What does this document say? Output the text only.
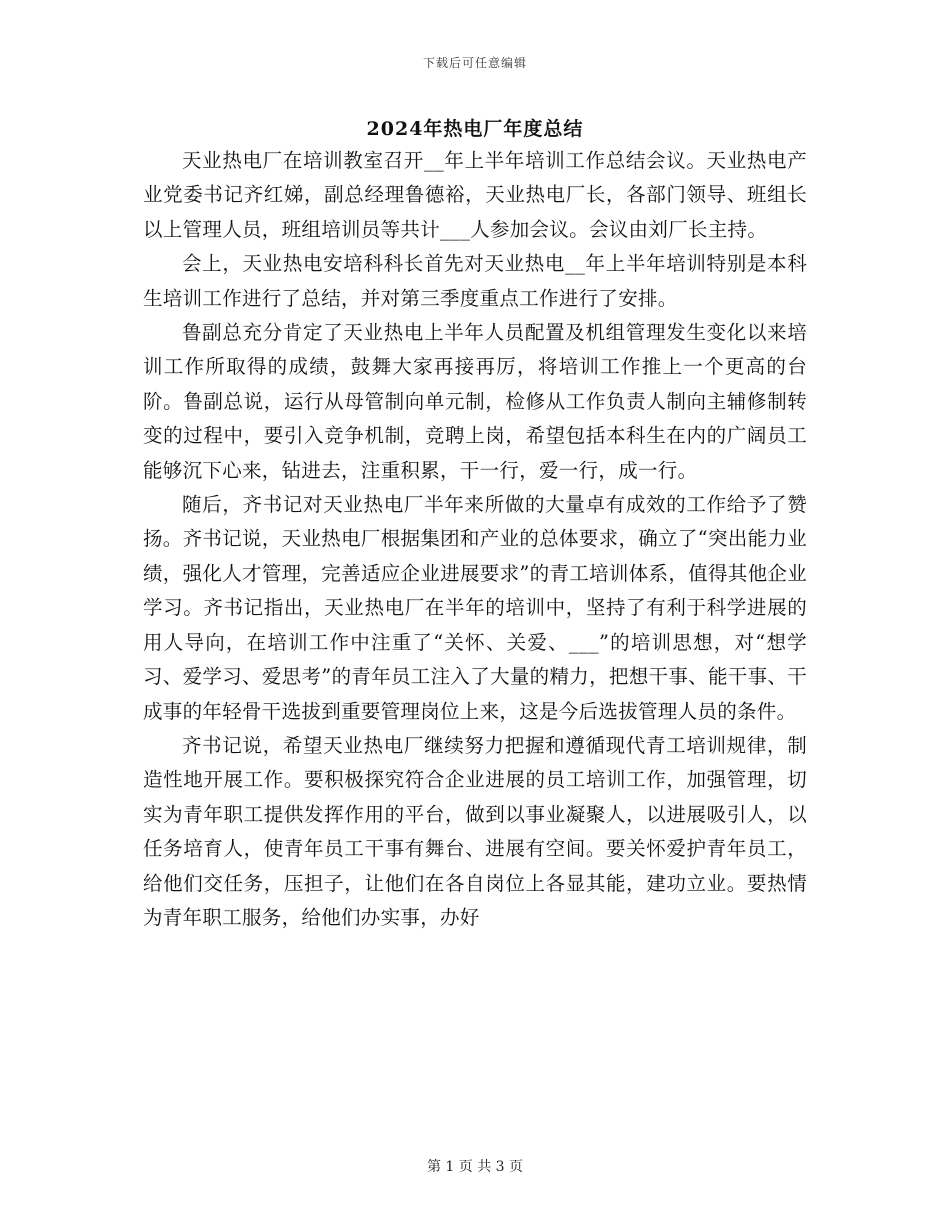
下载后可任意编辑
2024年热电厂年度总结

天业热电厂在培训教室召开__年上半年培训工作总结会议。天业热电产业党委书记齐红娣，副总经理鲁德裕，天业热电厂长，各部门领导、班组长以上管理人员，班组培训员等共计___人参加会议。会议由刘厂长主持。

会上，天业热电安培科科长首先对天业热电__年上半年培训特别是本科生培训工作进行了总结，并对第三季度重点工作进行了安排。

鲁副总充分肯定了天业热电上半年人员配置及机组管理发生变化以来培训工作所取得的成绩，鼓舞大家再接再厉，将培训工作推上一个更高的台阶。鲁副总说，运行从母管制向单元制，检修从工作负责人制向主辅修制转变的过程中，要引入竞争机制，竞聘上岗，希望包括本科生在内的广阔员工能够沉下心来，钻进去，注重积累，干一行，爱一行，成一行。

随后，齐书记对天业热电厂半年来所做的大量卓有成效的工作给予了赞扬。齐书记说，天业热电厂根据集团和产业的总体要求，确立了“突出能力业绩，强化人才管理，完善适应企业进展要求”的青工培训体系，值得其他企业学习。齐书记指出，天业热电厂在半年的培训中，坚持了有利于科学进展的用人导向，在培训工作中注重了“关怀、关爱、___”的培训思想，对“想学习、爱学习、爱思考”的青年员工注入了大量的精力，把想干事、能干事、干成事的年轻骨干选拔到重要管理岗位上来，这是今后选拔管理人员的条件。

齐书记说，希望天业热电厂继续努力把握和遵循现代青工培训规律，制造性地开展工作。要积极探究符合企业进展的员工培训工作，加强管理，切实为青年职工提供发挥作用的平台，做到以事业凝聚人，以进展吸引人，以任务培育人，使青年员工干事有舞台、进展有空间。要关怀爱护青年员工，给他们交任务，压担子，让他们在各自岗位上各显其能，建功立业。要热情为青年职工服务，给他们办实事，办好

第 1 页 共 3 页
